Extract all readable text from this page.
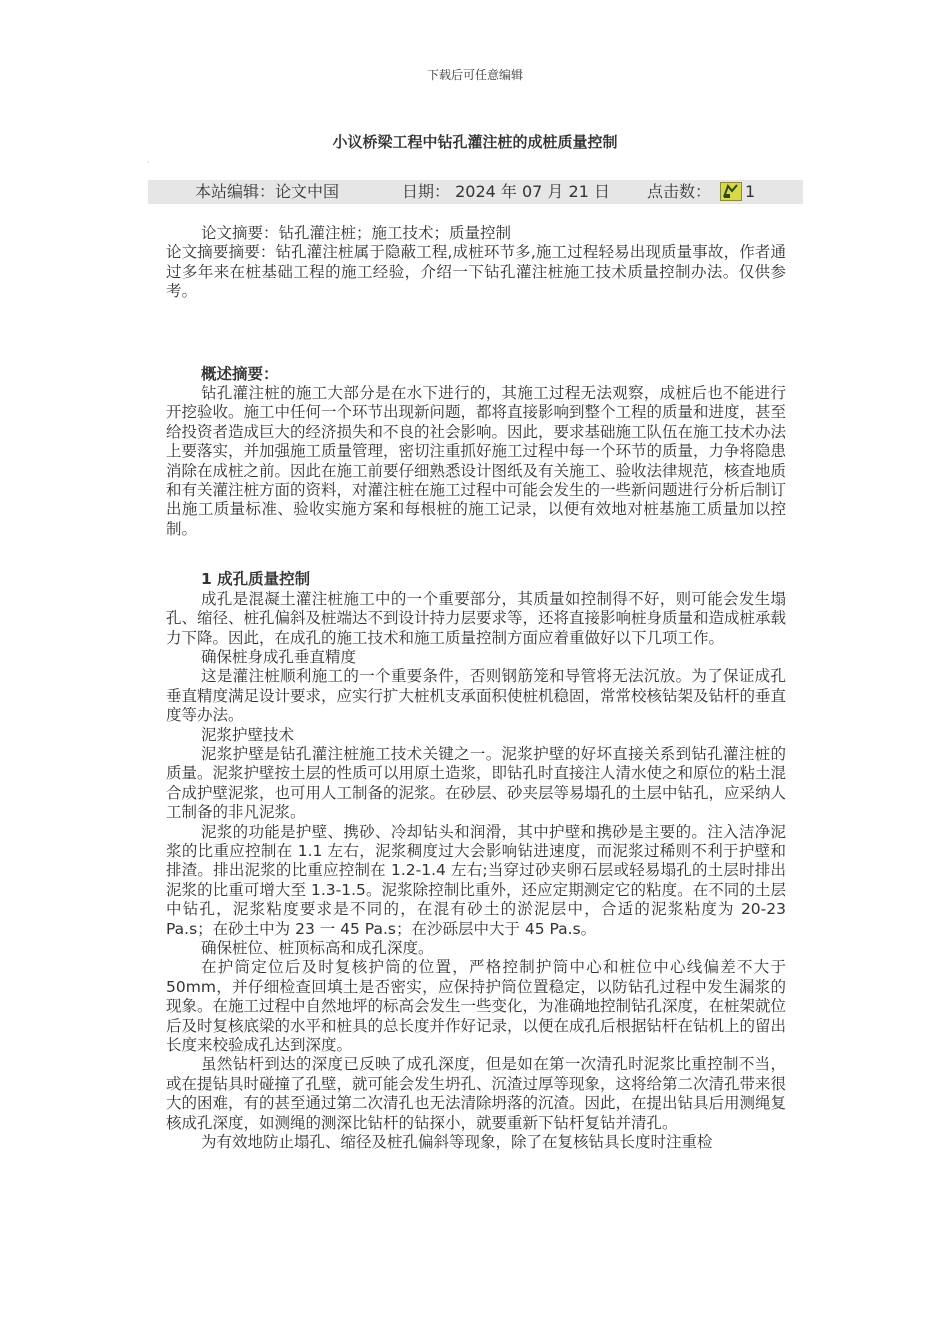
下载后可任意编辑
小议桥梁工程中钻孔灌注桩的成桩质量控制
·
本站编辑：论文中国	日期： 2024 年 07 月 21 日 点击数： 1

论文摘要：钻孔灌注桩；施工技术；质量控制

论文摘要摘要：钻孔灌注桩属于隐蔽工程,成桩环节多,施工过程轻易出现质量事故，作者通过多年来在桩基础工程的施工经验，介绍一下钻孔灌注桩施工技术质量控制办法。仅供参考。

概述摘要：

钻孔灌注桩的施工大部分是在水下进行的，其施工过程无法观察，成桩后也不能进行开挖验收。施工中任何一个环节出现新问题，都将直接影响到整个工程的质量和进度，甚至给投资者造成巨大的经济损失和不良的社会影响。因此，要求基础施工队伍在施工技术办法上要落实，并加强施工质量管理，密切注重抓好施工过程中每一个环节的质量，力争将隐患消除在成桩之前。因此在施工前要仔细熟悉设计图纸及有关施工、验收法律规范，核查地质和有关灌注桩方面的资料，对灌注桩在施工过程中可能会发生的一些新问题进行分析后制订出施工质量标准、验收实施方案和每根桩的施工记录，以便有效地对桩基施工质量加以控制。

1 成孔质量控制

成孔是混凝土灌注桩施工中的一个重要部分，其质量如控制得不好，则可能会发生塌孔、缩径、桩孔偏斜及桩端达不到设计持力层要求等，还将直接影响桩身质量和造成桩承载力下降。因此，在成孔的施工技术和施工质量控制方面应着重做好以下几项工作。

确保桩身成孔垂直精度

这是灌注桩顺利施工的一个重要条件，否则钢筋笼和导管将无法沉放。为了保证成孔垂直精度满足设计要求，应实行扩大桩机支承面积使桩机稳固，常常校核钻架及钻杆的垂直度等办法。

泥浆护壁技术

泥浆护壁是钻孔灌注桩施工技术关键之一。泥浆护壁的好坏直接关系到钻孔灌注桩的质量。泥浆护壁按土层的性质可以用原土造浆，即钻孔时直接注人清水使之和原位的粘土混合成护壁泥浆，也可用人工制备的泥浆。在砂层、砂夹层等易塌孔的土层中钻孔，应采纳人工制备的非凡泥浆。

泥浆的功能是护壁、携砂、冷却钻头和润滑，其中护壁和携砂是主要的。注入洁净泥浆的比重应控制在 1.1 左右，泥浆稠度过大会影响钻进速度，而泥浆过稀则不利于护壁和排渣。排出泥浆的比重应控制在 1.2-1.4 左右;当穿过砂夹卵石层或轻易塌孔的土层时排出泥浆的比重可增大至 1.3-1.5。泥浆除控制比重外，还应定期测定它的粘度。在不同的土层中钻孔，泥浆粘度要求是不同的，在混有砂土的淤泥层中，合适的泥浆粘度为 20-23 Pa.s；在砂土中为 23 一 45 Pa.s；在沙砾层中大于 45 Pa.s。

确保桩位、桩顶标高和成孔深度。

在护筒定位后及时复核护筒的位置，严格控制护筒中心和桩位中心线偏差不大于 50mm，并仔细检查回填土是否密实，应保持护筒位置稳定，以防钻孔过程中发生漏浆的现象。在施工过程中自然地坪的标高会发生一些变化，为准确地控制钻孔深度，在桩架就位后及时复核底梁的水平和桩具的总长度并作好记录，以便在成孔后根据钻杆在钻机上的留出长度来校验成孔达到深度。

虽然钻杆到达的深度已反映了成孔深度，但是如在第一次清孔时泥浆比重控制不当，或在提钻具时碰撞了孔壁，就可能会发生坍孔、沉渣过厚等现象，这将给第二次清孔带来很大的困难，有的甚至通过第二次清孔也无法清除坍落的沉渣。因此，在提出钻具后用测绳复核成孔深度，如测绳的测深比钻杆的钻探小，就要重新下钻杆复钻并清孔。

为有效地防止塌孔、缩径及桩孔偏斜等现象，除了在复核钻具长度时注重检
